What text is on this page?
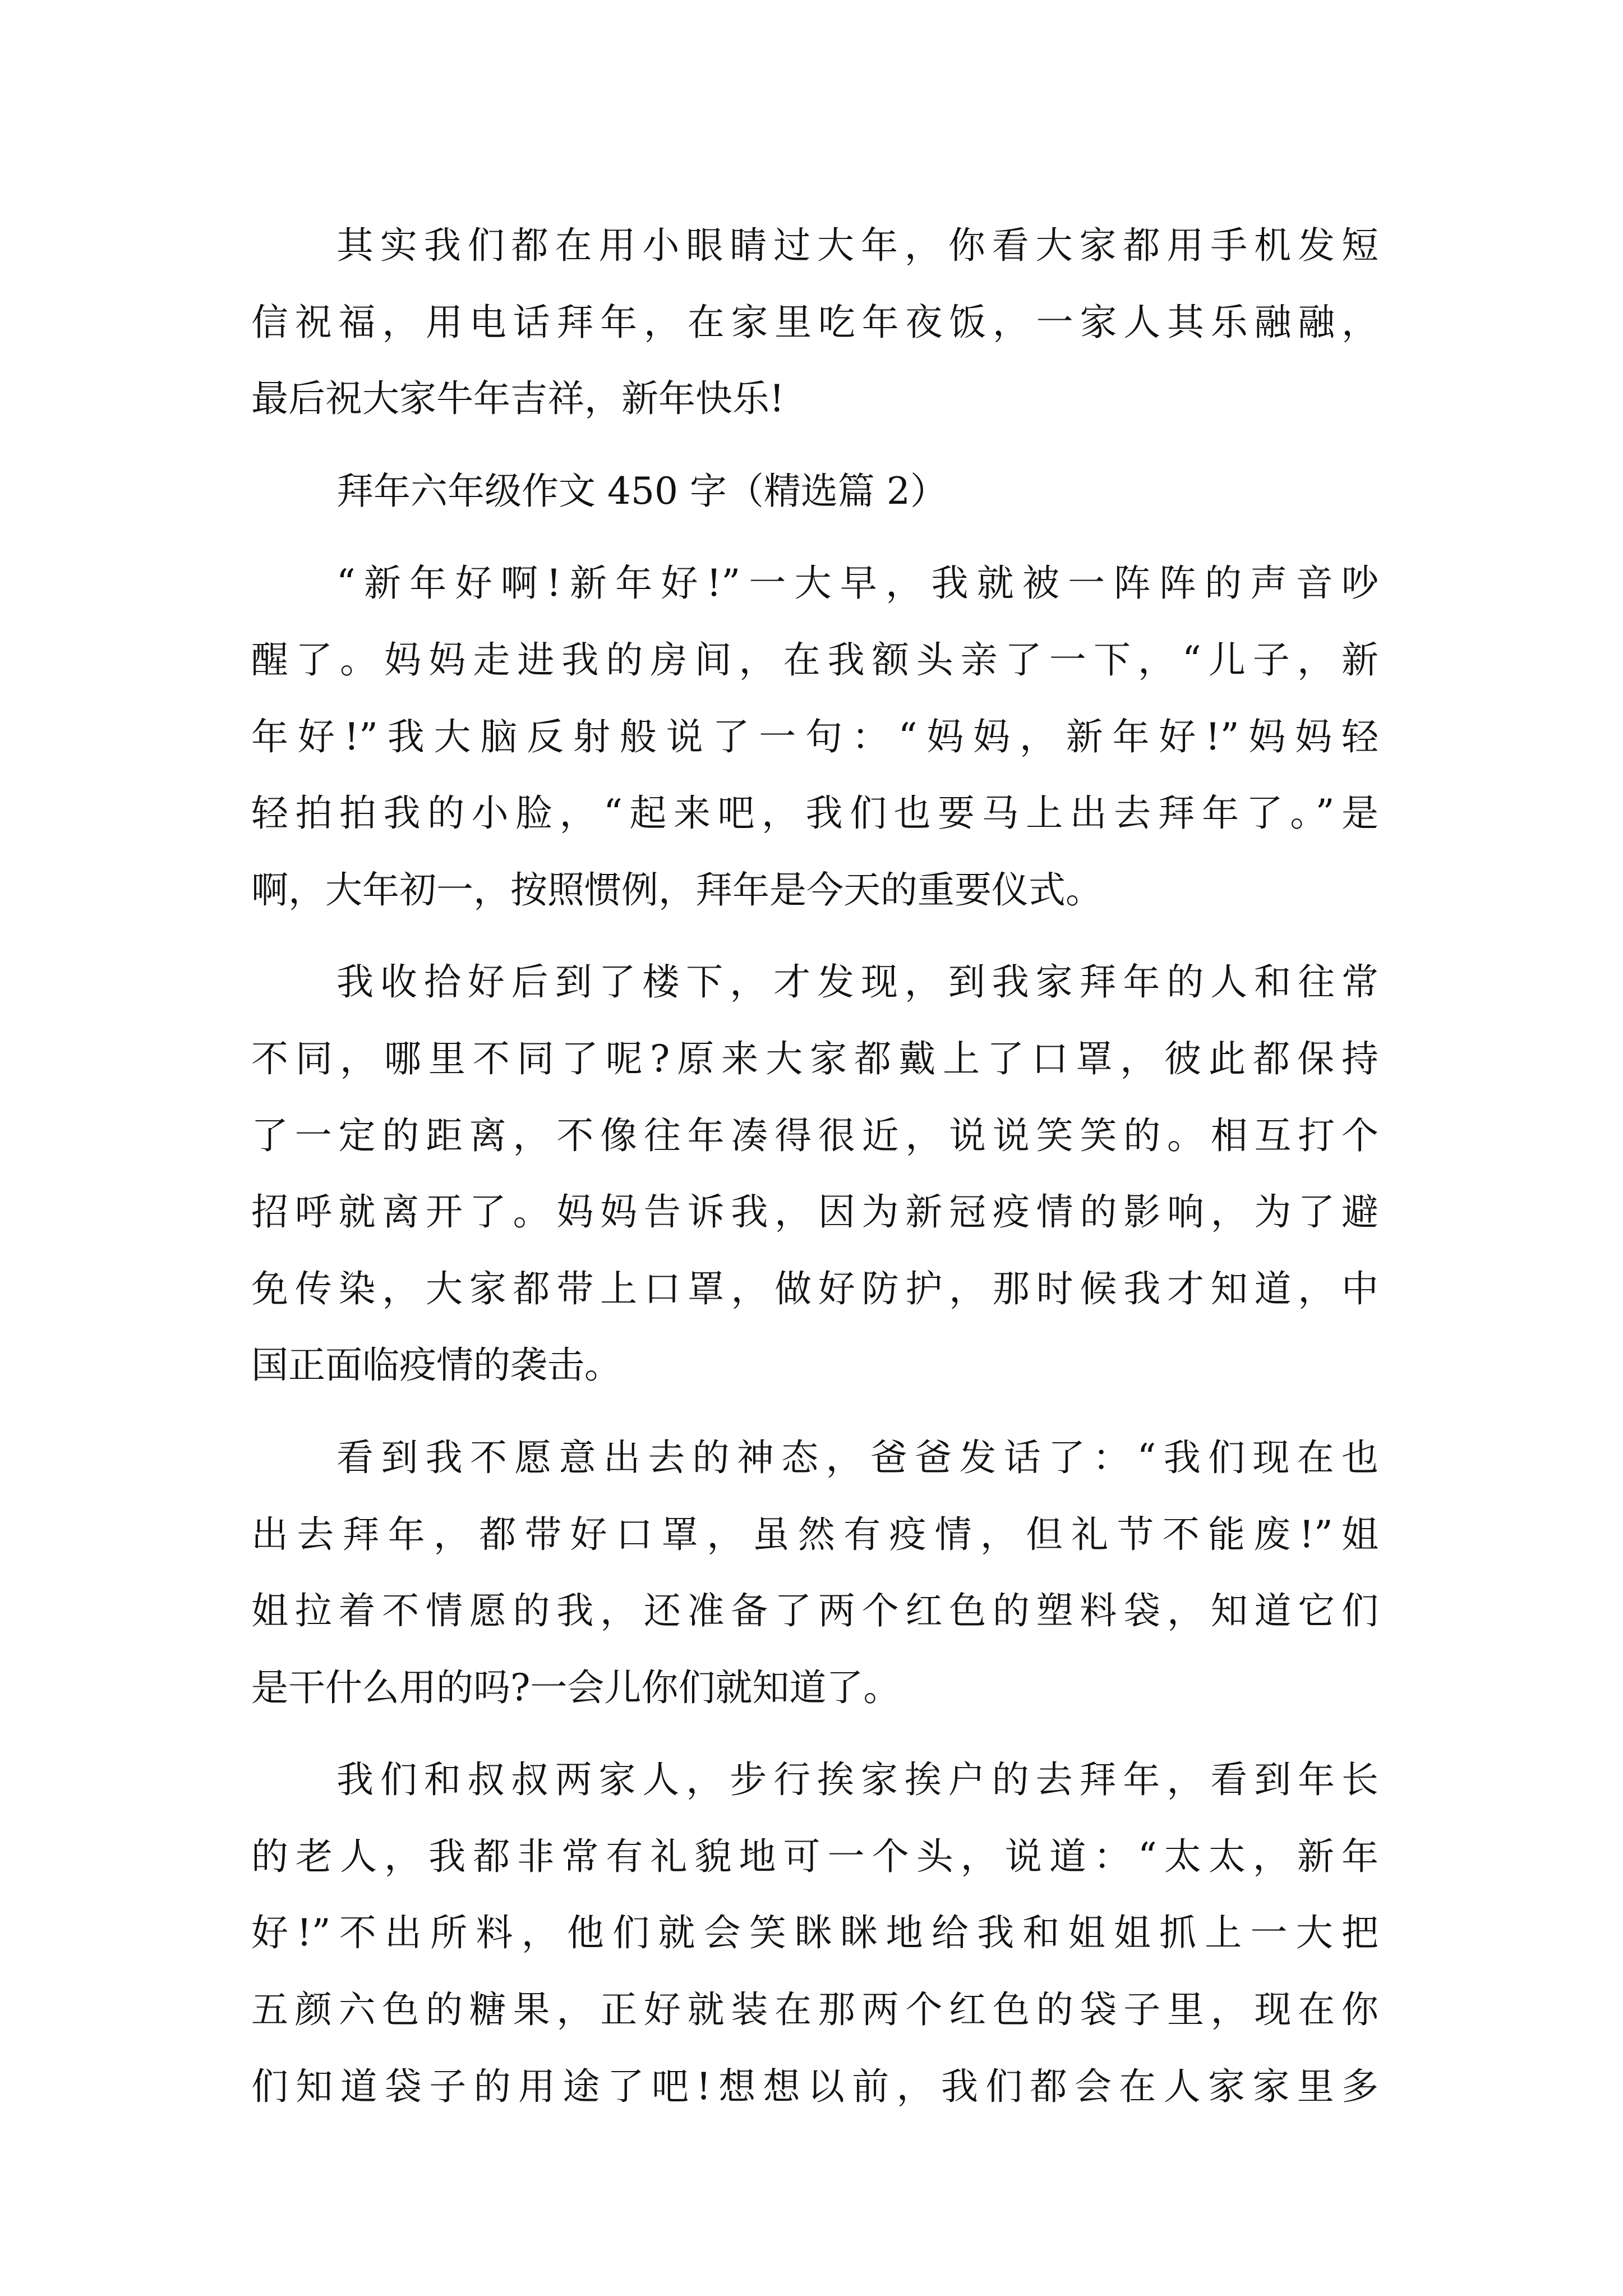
其实我们都在用小眼睛过大年，你看大家都用手机发短
信祝福，用电话拜年，在家里吃年夜饭，一家人其乐融融，
最后祝大家牛年吉祥，新年快乐!
拜年六年级作文 450 字（精选篇 2）
“新年好啊!新年好!”一大早，我就被一阵阵的声音吵
醒了。妈妈走进我的房间，在我额头亲了一下，“儿子，新
年好!”我大脑反射般说了一句：“妈妈，新年好!”妈妈轻
轻拍拍我的小脸，“起来吧，我们也要马上出去拜年了。”是
啊，大年初一，按照惯例，拜年是今天的重要仪式。
我收拾好后到了楼下，才发现，到我家拜年的人和往常
不同，哪里不同了呢?原来大家都戴上了口罩，彼此都保持
了一定的距离，不像往年凑得很近，说说笑笑的。相互打个
招呼就离开了。妈妈告诉我，因为新冠疫情的影响，为了避
免传染，大家都带上口罩，做好防护，那时候我才知道，中
国正面临疫情的袭击。
看到我不愿意出去的神态，爸爸发话了：“我们现在也
出去拜年，都带好口罩，虽然有疫情，但礼节不能废!”姐
姐拉着不情愿的我，还准备了两个红色的塑料袋，知道它们
是干什么用的吗?一会儿你们就知道了。
我们和叔叔两家人，步行挨家挨户的去拜年，看到年长
的老人，我都非常有礼貌地可一个头，说道：“太太，新年
好!”不出所料，他们就会笑眯眯地给我和姐姐抓上一大把
五颜六色的糖果，正好就装在那两个红色的袋子里，现在你
们知道袋子的用途了吧!想想以前，我们都会在人家家里多
